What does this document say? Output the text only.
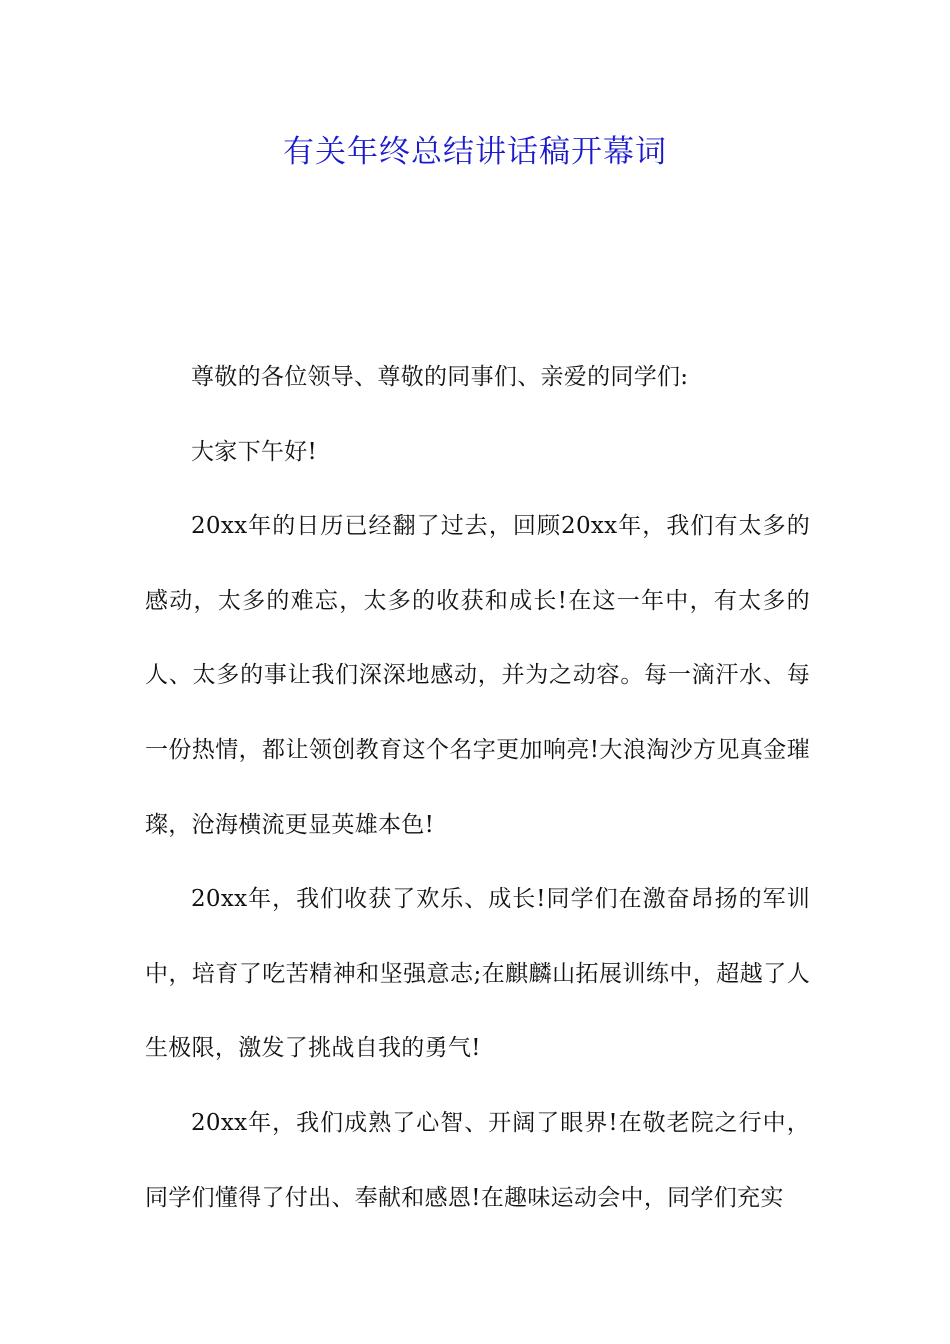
有关年终总结讲话稿开幕词

尊敬的各位领导、尊敬的同事们、亲爱的同学们:

大家下午好!

20xx年的日历已经翻了过去，回顾20xx年，我们有太多的感动，太多的难忘，太多的收获和成长!在这一年中，有太多的人、太多的事让我们深深地感动，并为之动容。每一滴汗水、每一份热情，都让领创教育这个名字更加响亮!大浪淘沙方见真金璀璨，沧海横流更显英雄本色!

20xx年，我们收获了欢乐、成长!同学们在激奋昂扬的军训中，培育了吃苦精神和坚强意志;在麒麟山拓展训练中，超越了人生极限，激发了挑战自我的勇气!

20xx年，我们成熟了心智、开阔了眼界!在敬老院之行中，同学们懂得了付出、奉献和感恩!在趣味运动会中，同学们充实
